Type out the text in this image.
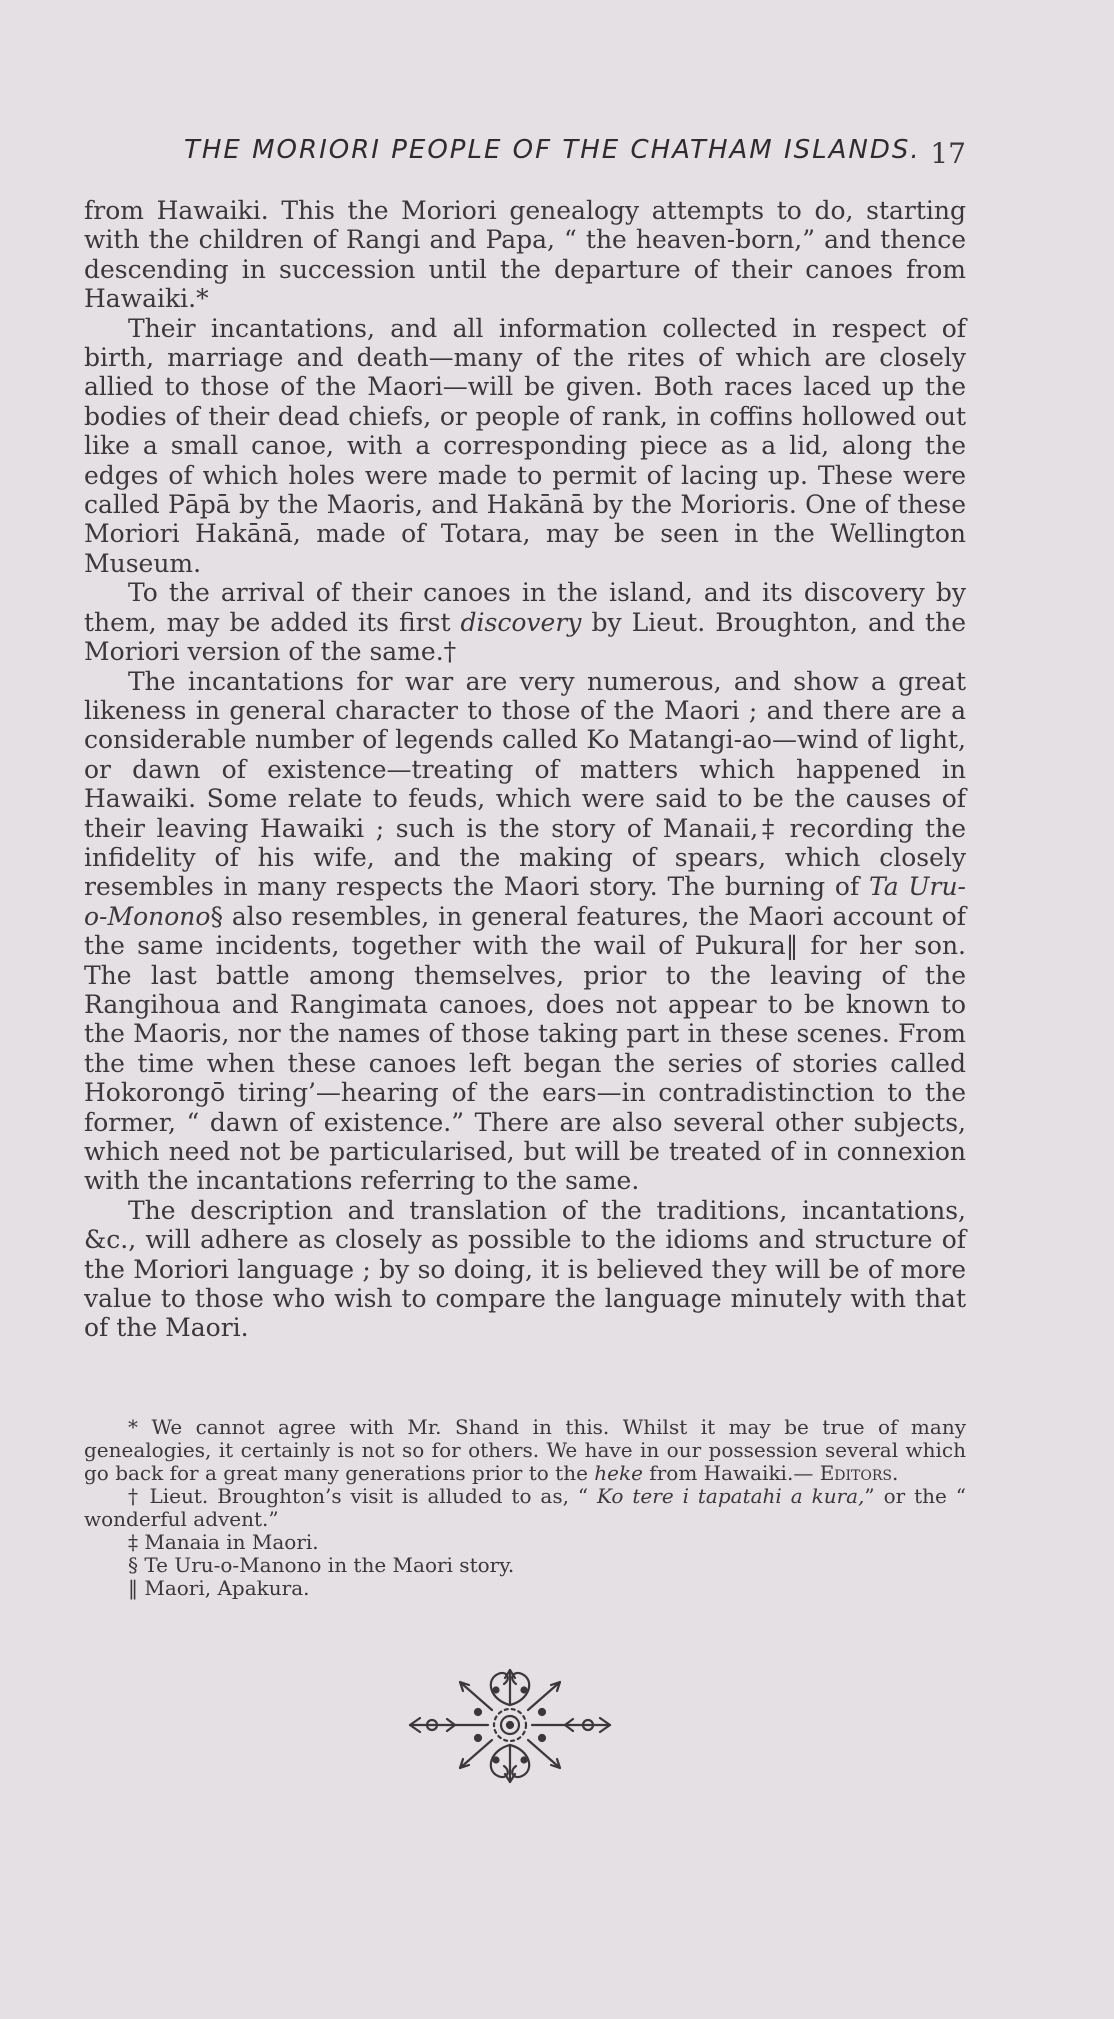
THE MORIORI PEOPLE OF THE CHATHAM ISLANDS. 17

from Hawaiki. This the Moriori genealogy attempts to do, starting with the children of Rangi and Papa, “ the heaven-born,” and thence descending in succession until the departure of their canoes from Hawaiki.*

Their incantations, and all information collected in respect of birth, marriage and death—many of the rites of which are closely allied to those of the Maori—will be given. Both races laced up the bodies of their dead chiefs, or people of rank, in coffins hollowed out like a small canoe, with a corresponding piece as a lid, along the edges of which holes were made to permit of lacing up. These were called Pāpā by the Maoris, and Hakānā by the Morioris. One of these Moriori Hakānā, made of Totara, may be seen in the Wellington Museum.

To the arrival of their canoes in the island, and its discovery by them, may be added its first discovery by Lieut. Broughton, and the Moriori version of the same.†

The incantations for war are very numerous, and show a great likeness in general character to those of the Maori ; and there are a considerable number of legends called Ko Matangi-ao—wind of light, or dawn of existence—treating of matters which happened in Hawaiki. Some relate to feuds, which were said to be the causes of their leaving Hawaiki ; such is the story of Manaii,‡ recording the infidelity of his wife, and the making of spears, which closely resembles in many respects the Maori story. The burning of Ta Uru-o-Monono§ also resembles, in general features, the Maori account of the same incidents, together with the wail of Pukura‖ for her son. The last battle among themselves, prior to the leaving of the Rangihoua and Rangimata canoes, does not appear to be known to the Maoris, nor the names of those taking part in these scenes. From the time when these canoes left began the series of stories called Hokorongō tiring’—hearing of the ears—in contradistinction to the former, “ dawn of existence.” There are also several other subjects, which need not be particularised, but will be treated of in connexion with the incantations referring to the same.

The description and translation of the traditions, incantations, &c., will adhere as closely as possible to the idioms and structure of the Moriori language ; by so doing, it is believed they will be of more value to those who wish to compare the language minutely with that of the Maori.

* We cannot agree with Mr. Shand in this. Whilst it may be true of many genealogies, it certainly is not so for others. We have in our possession several which go back for a great many generations prior to the heke from Hawaiki.— Editors.

† Lieut. Broughton’s visit is alluded to as, “ Ko tere i tapatahi a kura,” or the “ wonderful advent.”

‡ Manaia in Maori.

§ Te Uru-o-Manono in the Maori story.

‖ Maori, Apakura.
